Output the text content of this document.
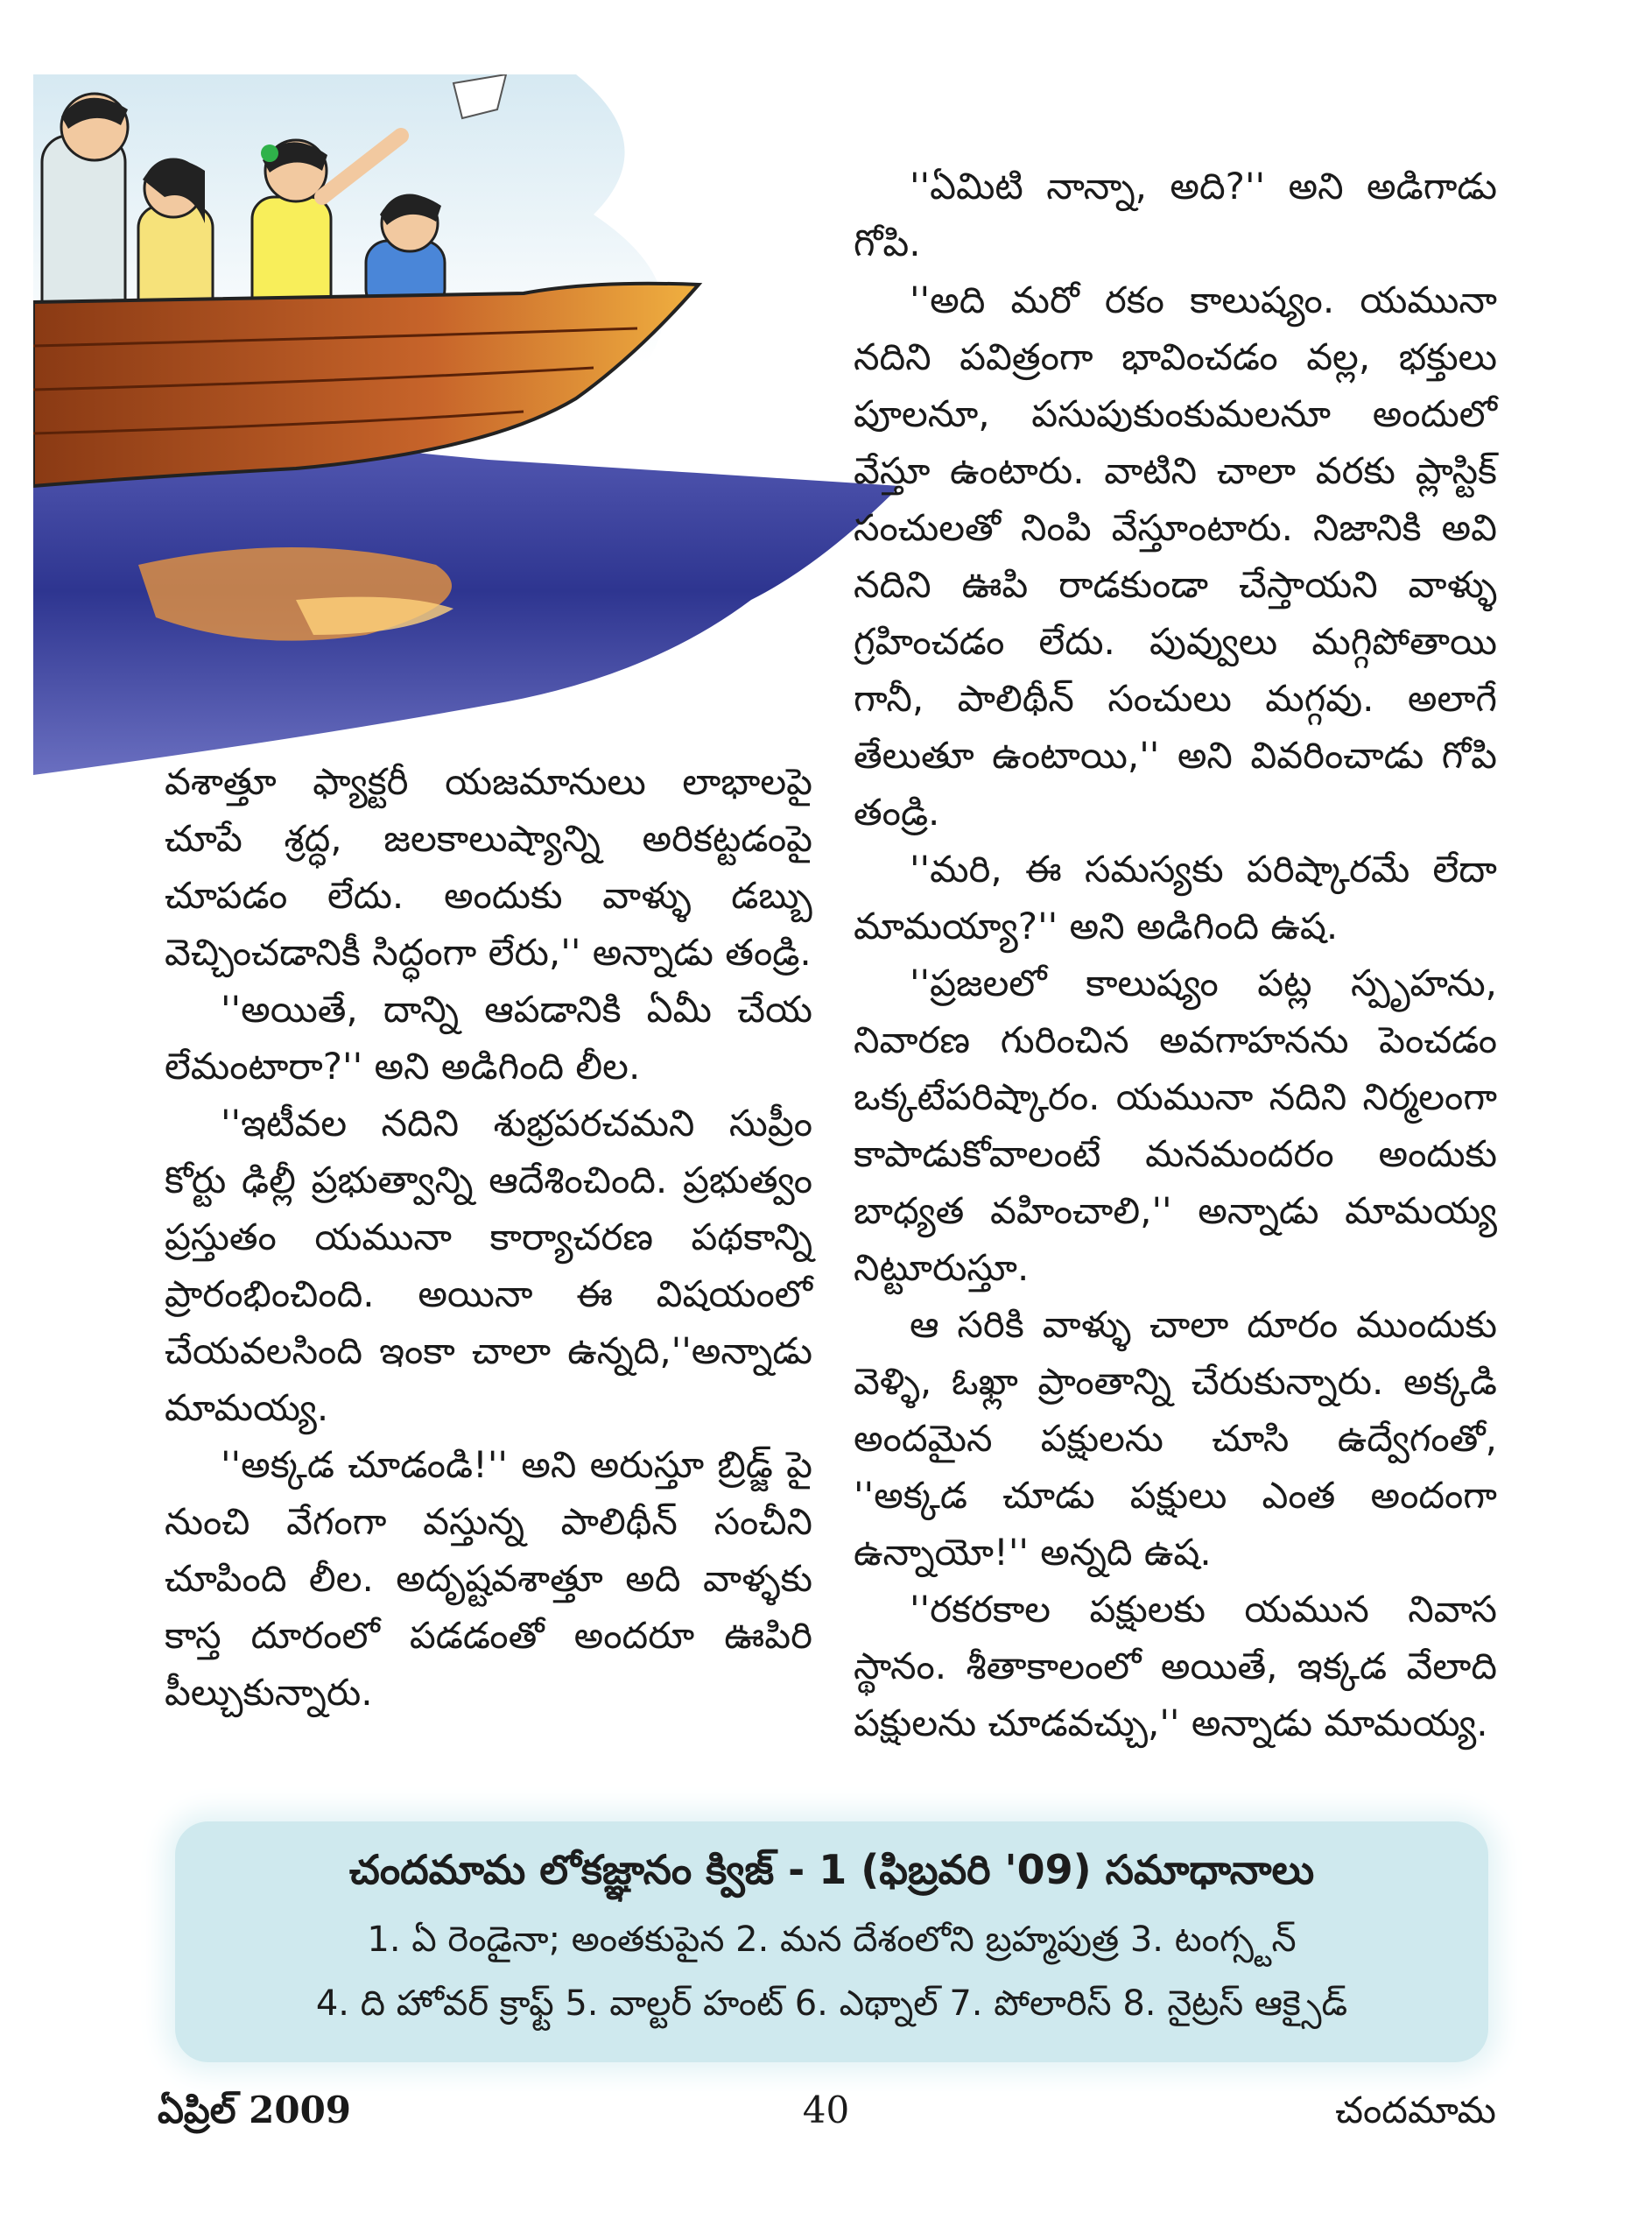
వశాత్తూ ఫ్యాక్టరీ యజమానులు లాభాలపై చూపే శ్రద్ధ, జలకాలుష్యాన్ని అరికట్టడంపై చూపడం లేదు. అందుకు వాళ్ళు డబ్బు వెచ్చించడానికీ సిద్ధంగా లేరు,'' అన్నాడు తండ్రి.

''అయితే, దాన్ని ఆపడానికి ఏమీ చేయ లేమంటారా?'' అని అడిగింది లీల.

''ఇటీవల నదిని శుభ్రపరచమని సుప్రీం కోర్టు ఢిల్లీ ప్రభుత్వాన్ని ఆదేశించింది. ప్రభుత్వం ప్రస్తుతం యమునా కార్యాచరణ పథకాన్ని ప్రారంభించింది. అయినా ఈ విషయంలో చేయవలసింది ఇంకా చాలా ఉన్నది,''అన్నాడు మామయ్య.

''అక్కడ చూడండి!'' అని అరుస్తూ బ్రిడ్జ్ పై నుంచి వేగంగా వస్తున్న పాలిథీన్ సంచీని చూపింది లీల. అదృష్టవశాత్తూ అది వాళ్ళకు కాస్త దూరంలో పడడంతో అందరూ ఊపిరి పీల్చుకున్నారు.

''ఏమిటి నాన్నా, అది?'' అని అడిగాడు గోపి.

''అది మరో రకం కాలుష్యం. యమునా నదిని పవిత్రంగా భావించడం వల్ల, భక్తులు పూలనూ, పసుపుకుంకుమలనూ అందులో వేస్తూ ఉంటారు. వాటిని చాలా వరకు ప్లాస్టిక్ సంచులతో నింపి వేస్తూంటారు. నిజానికి అవి నదిని ఊపి రాడకుండా చేస్తాయని వాళ్ళు గ్రహించడం లేదు. పువ్వులు మగ్గిపోతాయి గానీ, పాలిథీన్ సంచులు మగ్గవు. అలాగే తేలుతూ ఉంటాయి,'' అని వివరించాడు గోపి తండ్రి.

''మరి, ఈ సమస్యకు పరిష్కారమే లేదా మామయ్యా?'' అని అడిగింది ఉష.

''ప్రజలలో కాలుష్యం పట్ల స్పృహను, నివారణ గురించిన అవగాహనను పెంచడం ఒక్కటేపరిష్కారం. యమునా నదిని నిర్మలంగా కాపాడుకోవాలంటే మనమందరం అందుకు బాధ్యత వహించాలి,'' అన్నాడు మామయ్య నిట్టూరుస్తూ.

ఆ సరికి వాళ్ళు చాలా దూరం ముందుకు వెళ్ళి, ఓఖ్లా ప్రాంతాన్ని చేరుకున్నారు. అక్కడి అందమైన పక్షులను చూసి ఉద్వేగంతో, ''అక్కడ చూడు పక్షులు ఎంత అందంగా ఉన్నాయో!'' అన్నది ఉష.

''రకరకాల పక్షులకు యమున నివాస స్థానం. శీతాకాలంలో అయితే, ఇక్కడ వేలాది పక్షులను చూడవచ్చు,'' అన్నాడు మామయ్య.

చందమామ లోకజ్ఞానం క్విజ్ - 1 (ఫిబ్రవరి '09) సమాధానాలు
1. ఏ రెండైనా; అంతకుపైన 2. మన దేశంలోని బ్రహ్మపుత్ర 3. టంగ్స్టన్
4. ది హోవర్ క్రాఫ్ట్ 5. వాల్టర్ హంట్ 6. ఎథ్నాల్ 7. పోలారిస్ 8. నైట్రస్ ఆక్సైడ్
ఏప్రిల్ 2009	40	చందమామ
